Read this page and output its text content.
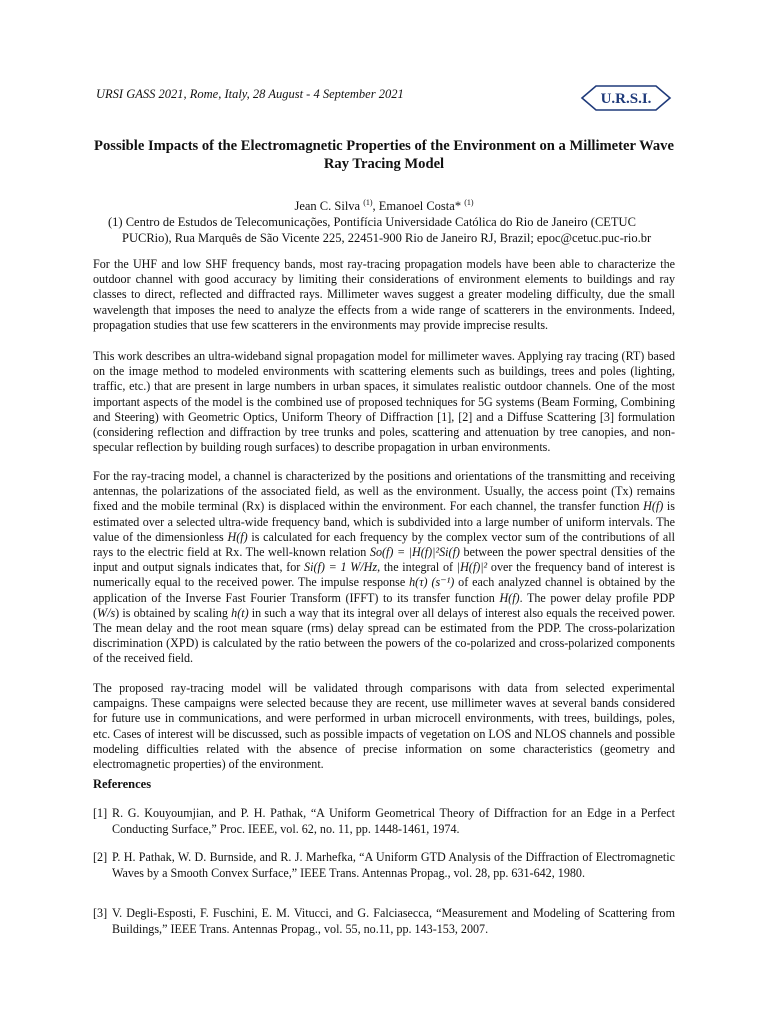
URSI GASS 2021, Rome, Italy, 28 August - 4 September 2021	U.R.S.I.
Possible Impacts of the Electromagnetic Properties of the Environment on a Millimeter Wave Ray Tracing Model
Jean C. Silva $^{(1)}$, Emanoel Costa* $^{(1)}$
(1) Centro de Estudos de Telecomunicações, Pontifícia Universidade Católica do Rio de Janeiro (CETUC
PUCRio), Rua Marquês de São Vicente 225, 22451-900 Rio de Janeiro RJ, Brazil; epoc@cetuc.puc-rio.br

For the UHF and low SHF frequency bands, most ray-tracing propagation models have been able to characterize the outdoor channel with good accuracy by limiting their considerations of environment elements to buildings and ray classes to direct, reflected and diffracted rays. Millimeter waves suggest a greater modeling difficulty, due the small wavelength that imposes the need to analyze the effects from a wide range of scatterers in the environments. Indeed, propagation studies that use few scatterers in the environments may provide imprecise results.

This work describes an ultra-wideband signal propagation model for millimeter waves. Applying ray tracing (RT) based on the image method to modeled environments with scattering elements such as buildings, trees and poles (lighting, traffic, etc.) that are present in large numbers in urban spaces, it simulates realistic outdoor channels. One of the most important aspects of the model is the combined use of proposed techniques for 5G systems (Beam Forming, Combining and Steering) with Geometric Optics, Uniform Theory of Diffraction [1], [2] and a Diffuse Scattering [3] formulation (considering reflection and diffraction by tree trunks and poles, scattering and attenuation by tree canopies, and non-specular reflection by building rough surfaces) to describe propagation in urban environments.

For the ray-tracing model, a channel is characterized by the positions and orientations of the transmitting and receiving antennas, the polarizations of the associated field, as well as the environment. Usually, the access point (Tx) remains fixed and the mobile terminal (Rx) is displaced within the environment. For each channel, the transfer function H(f) is estimated over a selected ultra-wide frequency band, which is subdivided into a large number of uniform intervals. The value of the dimensionless H(f) is calculated for each frequency by the complex vector sum of the contributions of all rays to the electric field at Rx. The well-known relation So(f) = |H(f)|²Si(f) between the power spectral densities of the input and output signals indicates that, for Si(f) = 1 W/Hz, the integral of |H(f)|² over the frequency band of interest is numerically equal to the received power. The impulse response h(τ) (s⁻¹) of each analyzed channel is obtained by the application of the Inverse Fast Fourier Transform (IFFT) to its transfer function H(f). The power delay profile PDP (W/s) is obtained by scaling h(t) in such a way that its integral over all delays of interest also equals the received power. The mean delay and the root mean square (rms) delay spread can be estimated from the PDP. The cross-polarization discrimination (XPD) is calculated by the ratio between the powers of the co-polarized and cross-polarized components of the received field.

The proposed ray-tracing model will be validated through comparisons with data from selected experimental campaigns. These campaigns were selected because they are recent, use millimeter waves at several bands considered for future use in communications, and were performed in urban microcell environments, with trees, buildings, poles, etc. Cases of interest will be discussed, such as possible impacts of vegetation on LOS and NLOS channels and possible modeling difficulties related with the absence of precise information on some characteristics (geometry and electromagnetic properties) of the environment.

References
[1] R. G. Kouyoumjian, and P. H. Pathak, “A Uniform Geometrical Theory of Diffraction for an Edge in a Perfect Conducting Surface,” Proc. IEEE, vol. 62, no. 11, pp. 1448-1461, 1974.
[2] P. H. Pathak, W. D. Burnside, and R. J. Marhefka, “A Uniform GTD Analysis of the Diffraction of Electromagnetic Waves by a Smooth Convex Surface,” IEEE Trans. Antennas Propag., vol. 28, pp. 631-642, 1980.
[3] V. Degli-Esposti, F. Fuschini, E. M. Vitucci, and G. Falciasecca, “Measurement and Modeling of Scattering from Buildings,” IEEE Trans. Antennas Propag., vol. 55, no.11, pp. 143-153, 2007.
